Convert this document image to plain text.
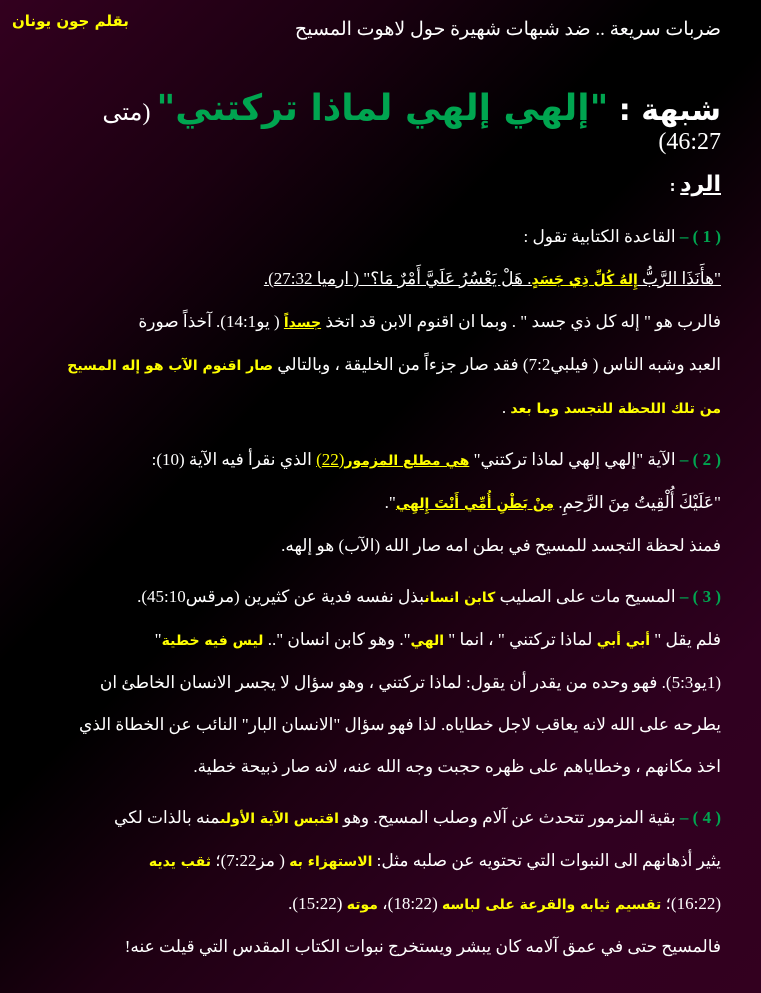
ضربات سريعة .. ضد شبهات شهيرة حول لاهوت المسيح
بقلم جون يونان
شبهة : "إلهي إلهي لماذا تركتني" (متى 46:27)
الرد :
( 1 ) – القاعدة الكتابية تقول :
"هأَنَذَا الرَّبُّ إِلهُ كُلِّ ذِي جَسَدٍ. هَلْ يَعْسُرُ عَلَيَّ أَمْرٌ مَا؟" ( ارميا 27:32).
فالرب هو " إله كل ذي جسد " . وبما ان اقنوم الابن قد اتخذ جسداً ( يو14:1). آخذاً صورة
العبد وشبه الناس ( فيلبي7:2) فقد صار جزءاً من الخليقة ، وبالتالي صار اقنوم الآب هو إله المسيح
من تلك اللحظة للتجسد وما بعد .
( 2 ) – الآية "إلهي إلهي لماذا تركتني" هي مطلع المزمور(22) الذي نقرأ فيه الآية (10):
"عَلَيْكَ أُلْقِيتُ مِنَ الرَّحِمِ. مِنْ بَطْنِ أُمِّي أَنْتَ إِلهِي".
فمنذ لحظة التجسد للمسيح في بطن امه صار الله (الآب) هو إلهه.
( 3 ) – المسيح مات على الصليب كابن انسانبذل نفسه فدية عن كثيرين (مرقس45:10).
فلم يقل " أبي أبي لماذا تركتني " ، انما " الهي". وهو كابن انسان ".. ليس فيه خطية"
(1يو5:3). فهو وحده من يقدر أن يقول: لماذا تركتني ، وهو سؤال لا يجسر الانسان الخاطئ ان
يطرحه على الله لانه يعاقب لاجل خطاياه. لذا فهو سؤال "الانسان البار" النائب عن الخطاة الذي
اخذ مكانهم ، وخطاياهم على ظهره حجبت وجه الله عنه، لانه صار ذبيحة خطية.
( 4 ) – بقية المزمور تتحدث عن آلام وصلب المسيح. وهو اقتبس الآية الأولىمنه بالذات لكي
يثير أذهانهم الى النبوات التي تحتويه عن صلبه مثل: الاستهزاء به ( مز7:22)؛ ثقب يديه
(16:22)؛ تقسيم ثيابه والقرعة على لباسه (18:22)، موته (15:22).
فالمسيح حتى في عمق آلامه كان يبشر ويستخرج نبوات الكتاب المقدس التي قيلت عنه!
